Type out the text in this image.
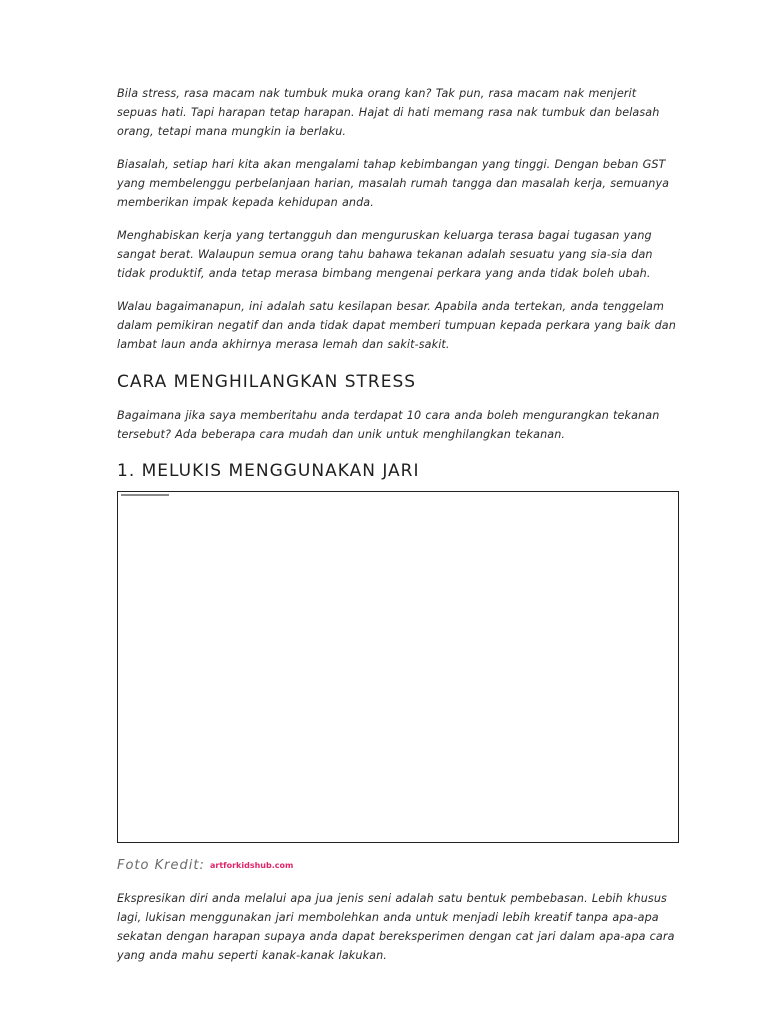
Bila stress, rasa macam nak tumbuk muka orang kan? Tak pun, rasa macam nak menjerit sepuas hati. Tapi harapan tetap harapan. Hajat di hati memang rasa nak tumbuk dan belasah orang, tetapi mana mungkin ia berlaku.

Biasalah, setiap hari kita akan mengalami tahap kebimbangan yang tinggi. Dengan beban GST yang membelenggu perbelanjaan harian, masalah rumah tangga dan masalah kerja, semuanya memberikan impak kepada kehidupan anda.

Menghabiskan kerja yang tertangguh dan menguruskan keluarga terasa bagai tugasan yang sangat berat. Walaupun semua orang tahu bahawa tekanan adalah sesuatu yang sia-sia dan tidak produktif, anda tetap merasa bimbang mengenai perkara yang anda tidak boleh ubah.

Walau bagaimanapun, ini adalah satu kesilapan besar. Apabila anda tertekan, anda tenggelam dalam pemikiran negatif dan anda tidak dapat memberi tumpuan kepada perkara yang baik dan lambat laun anda akhirnya merasa lemah dan sakit-sakit.

CARA MENGHILANGKAN STRESS

Bagaimana jika saya memberitahu anda terdapat 10 cara anda boleh mengurangkan tekanan tersebut? Ada beberapa cara mudah dan unik untuk menghilangkan tekanan.

1. MELUKIS MENGGUNAKAN JARI
Foto Kredit: artforkidshub.com

Ekspresikan diri anda melalui apa jua jenis seni adalah satu bentuk pembebasan. Lebih khusus lagi, lukisan menggunakan jari membolehkan anda untuk menjadi lebih kreatif tanpa apa-apa sekatan dengan harapan supaya anda dapat bereksperimen dengan cat jari dalam apa-apa cara yang anda mahu seperti kanak-kanak lakukan.
